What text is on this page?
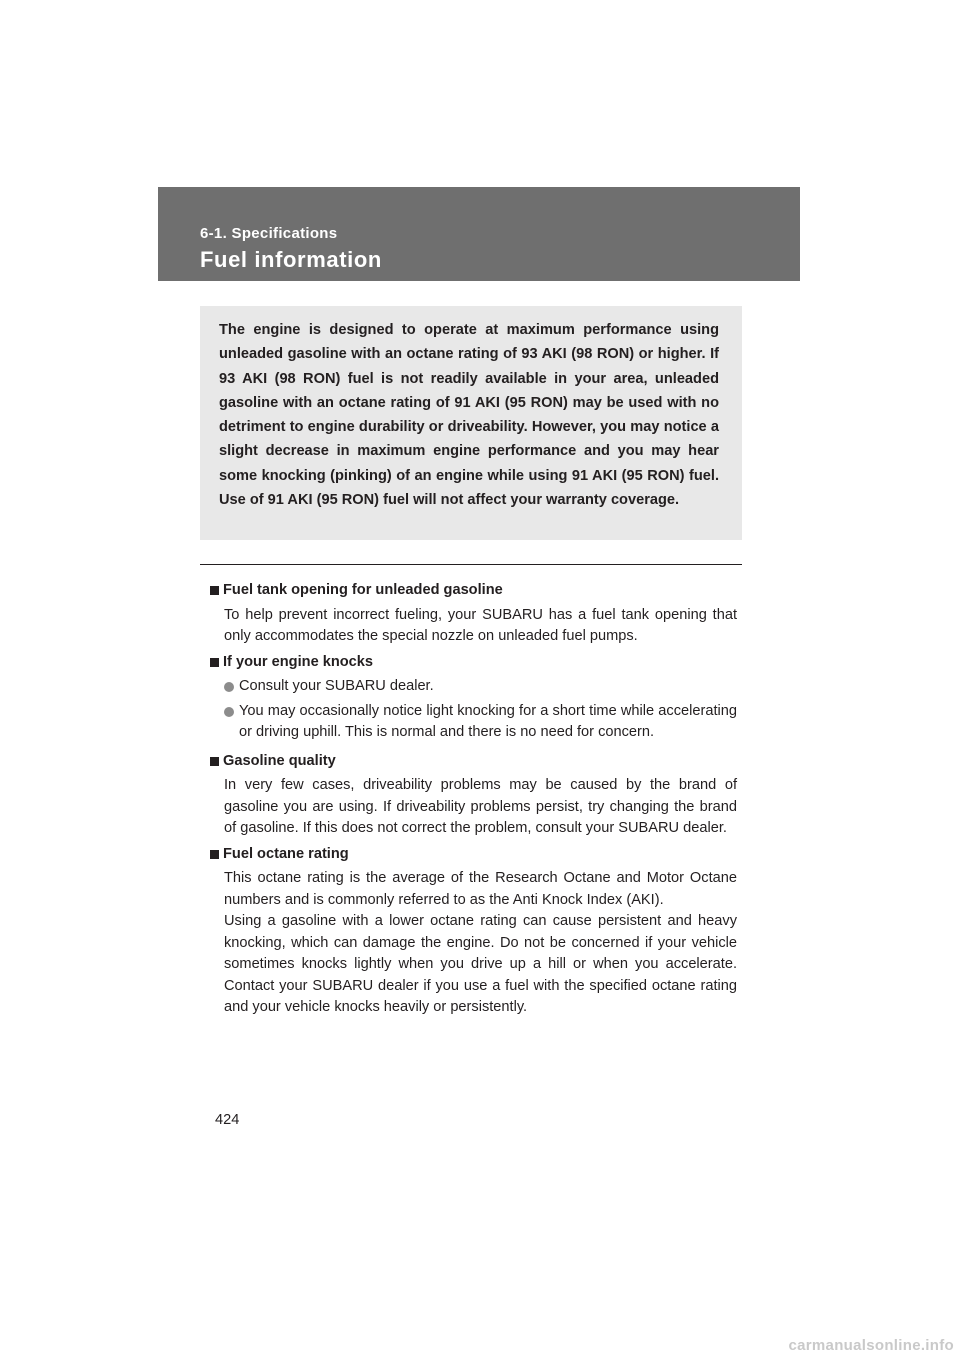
6-1. Specifications
Fuel information

The engine is designed to operate at maximum performance using unleaded gasoline with an octane rating of 93 AKI (98 RON) or higher. If 93 AKI (98 RON) fuel is not readily available in your area, unleaded gasoline with an octane rating of 91 AKI (95 RON) may be used with no detriment to engine durability or driveability. However, you may notice a slight decrease in maximum engine performance and you may hear some knocking (pinking) of an engine while using 91 AKI (95 RON) fuel. Use of 91 AKI (95 RON) fuel will not affect your warranty coverage.

Fuel tank opening for unleaded gasoline

To help prevent incorrect fueling, your SUBARU has a fuel tank opening that only accommodates the special nozzle on unleaded fuel pumps.

If your engine knocks
Consult your SUBARU dealer.
You may occasionally notice light knocking for a short time while accelerating or driving uphill. This is normal and there is no need for concern.
Gasoline quality

In very few cases, driveability problems may be caused by the brand of gasoline you are using. If driveability problems persist, try changing the brand of gasoline. If this does not correct the problem, consult your SUBARU dealer.

Fuel octane rating

This octane rating is the average of the Research Octane and Motor Octane numbers and is commonly referred to as the Anti Knock Index (AKI).

Using a gasoline with a lower octane rating can cause persistent and heavy knocking, which can damage the engine. Do not be concerned if your vehicle sometimes knocks lightly when you drive up a hill or when you accelerate. Contact your SUBARU dealer if you use a fuel with the specified octane rating and your vehicle knocks heavily or persistently.

424
carmanualsonline.info
